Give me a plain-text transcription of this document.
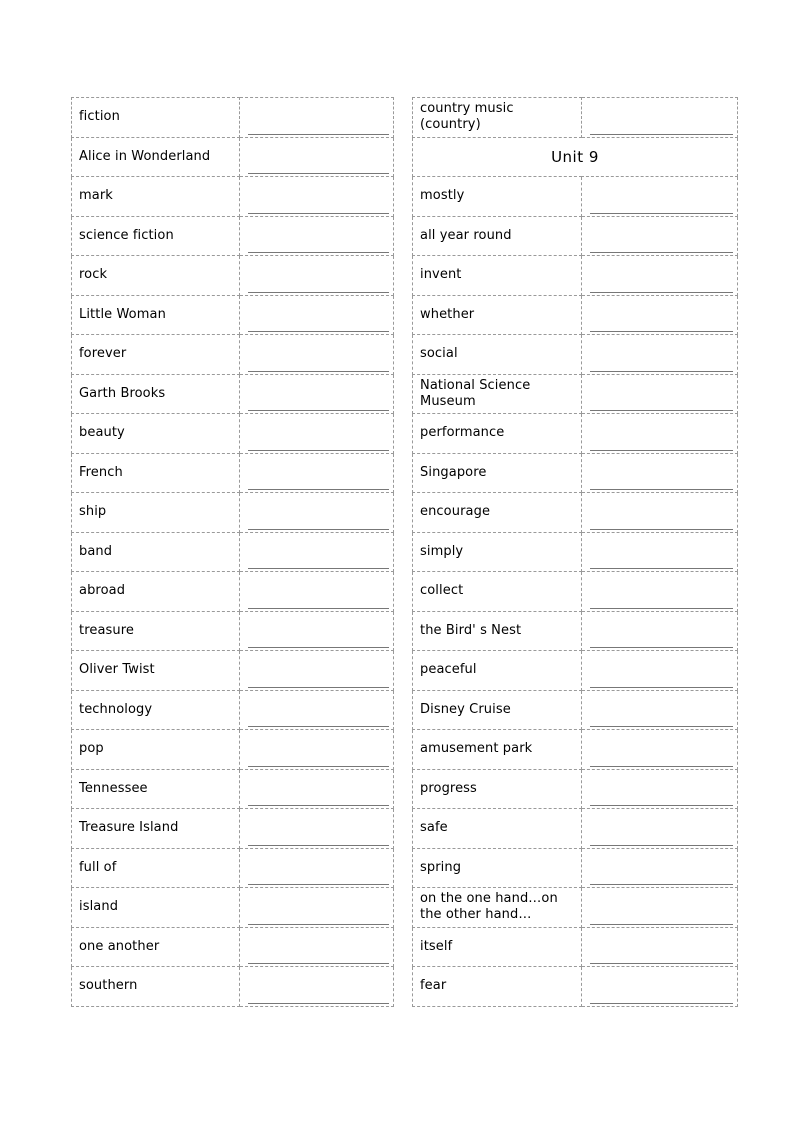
fiction	

Alice in Wonderland	

mark	

science fiction	

rock	

Little Woman	

forever	

Garth Brooks	

beauty	

French	

ship	

band	

abroad	

treasure	

Oliver Twist	

technology	

pop	

Tennessee	

Treasure Island	

full of	

island	

one another	

southern	

country music (country)	

Unit 9	

mostly	

all year round	

invent	

whether	

social	

National Science Museum	

performance	

Singapore	

encourage	

simply	

collect	

the Bird' s Nest	

peaceful	

Disney Cruise	

amusement park	

progress	

safe	

spring	

on the one hand…on the other hand…	

itself	

fear	
